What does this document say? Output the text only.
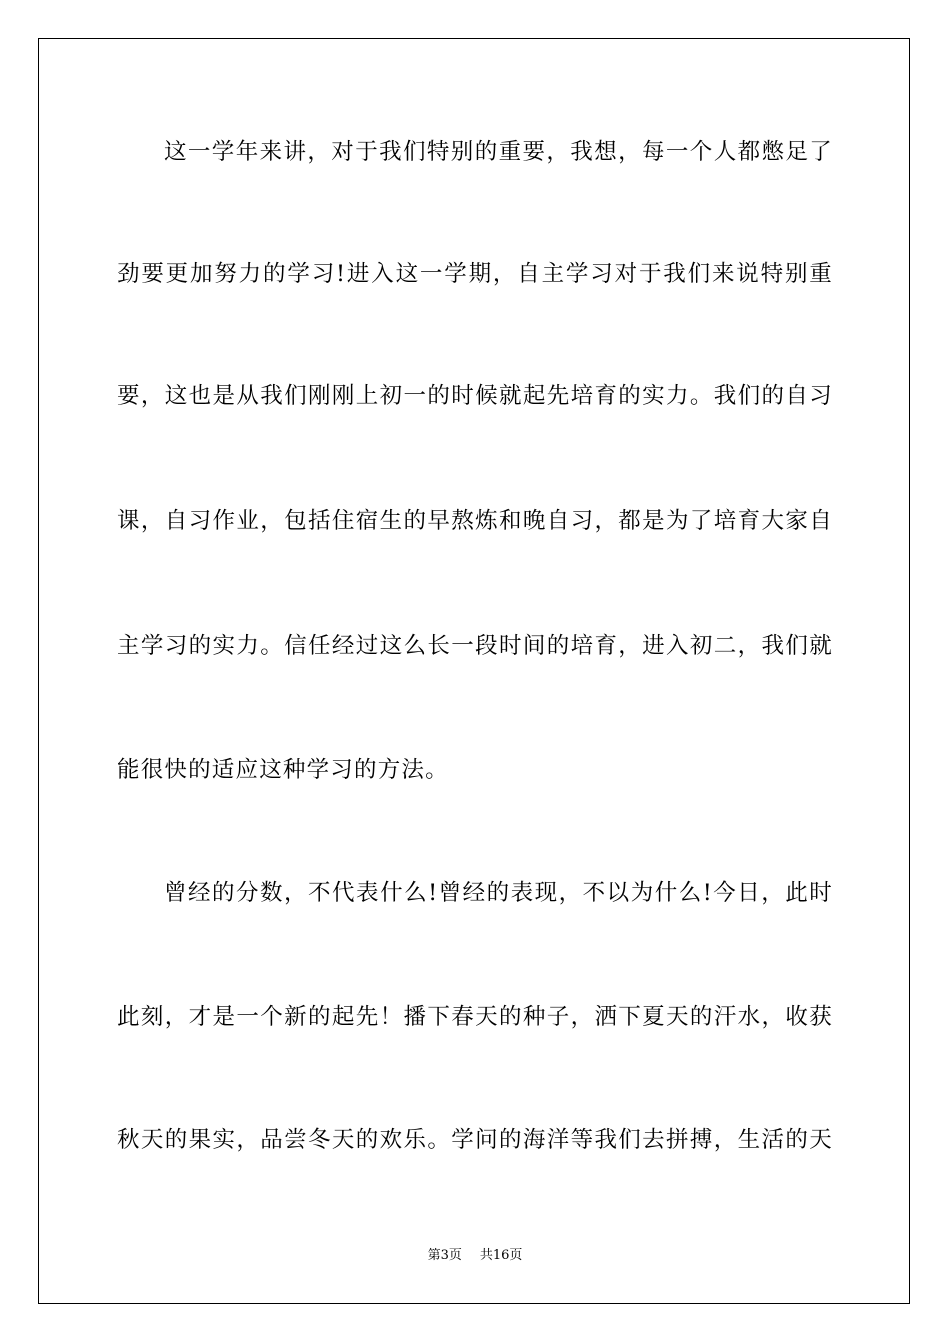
这一学年来讲，对于我们特别的重要，我想，每一个人都憋足了
劲要更加努力的学习!进入这一学期，自主学习对于我们来说特别重
要，这也是从我们刚刚上初一的时候就起先培育的实力。我们的自习
课，自习作业，包括住宿生的早熬炼和晚自习，都是为了培育大家自
主学习的实力。信任经过这么长一段时间的培育，进入初二，我们就
能很快的适应这种学习的方法。
曾经的分数，不代表什么!曾经的表现，不以为什么!今日，此时
此刻，才是一个新的起先！播下春天的种子，洒下夏天的汗水，收获
秋天的果实，品尝冬天的欢乐。学问的海洋等我们去拼搏，生活的天
第3页 共16页
